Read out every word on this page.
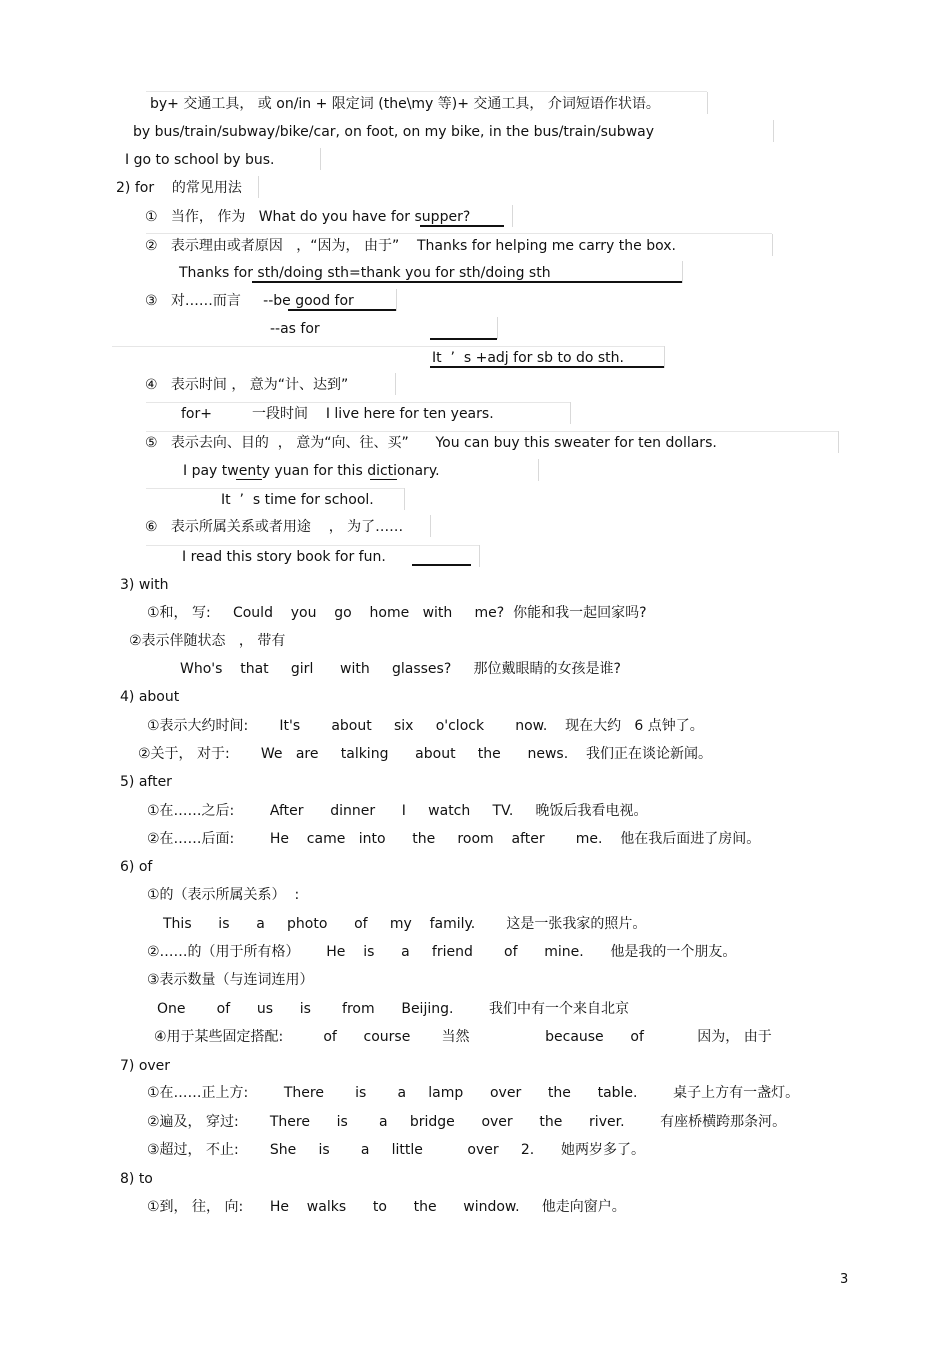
by+ 交通工具， 或 on/in + 限定词 (the\my 等)+ 交通工具， 介词短语作状语。
by bus/train/subway/bike/car, on foot, on my bike, in the bus/train/subway
I go to school by bus.
2) for    的常见用法
①   当作， 作为   What do you have for supper?
②   表示理由或者原因   ，“因为， 由于”    Thanks for helping me carry the box.
Thanks for sth/doing sth=thank you for sth/doing sth
③   对……而言     --be good for
--as for
It  ’  s +adj for sb to do sth.
④   表示时间 ， 意为“计、达到”
for+         一段时间    I live here for ten years.
⑤   表示去向、目的  ， 意为“向、往、买”      You can buy this sweater for ten dollars.
I pay twenty yuan for this dictionary.
It  ’  s time for school.
⑥   表示所属关系或者用途    ， 为了……
I read this story book for fun.
3) with
①和， 写:     Could    you    go    home   with     me?  你能和我一起回家吗?
②表示伴随状态   ， 带有
Who's    that     girl      with     glasses?     那位戴眼睛的女孩是谁?
4) about
①表示大约时间:       It's       about     six     o'clock       now.    现在大约   6 点钟了。
②关于， 对于:       We   are     talking      about     the      news.    我们正在谈论新闻。
5) after
①在……之后:        After      dinner      I     watch     TV.     晚饭后我看电视。
②在……后面:        He    came   into      the     room    after       me.    他在我后面进了房间。
6) of
①的（表示所属关系）  :
This      is      a     photo      of     my    family.       这是一张我家的照片。
②……的（用于所有格）      He    is      a     friend       of      mine.      他是我的一个朋友。
③表示数量（与连词连用）
One       of      us      is       from      Beijing.        我们中有一个来自北京
④用于某些固定搭配:         of      course       当然                 because      of            因为， 由于
7) over
①在……正上方:        There       is       a     lamp      over      the      table.        桌子上方有一盏灯。
②遍及， 穿过:       There      is       a     bridge      over      the      river.        有座桥横跨那条河。
③超过， 不止:       She     is       a     little          over     2.      她两岁多了。
8) to
①到， 往， 向:      He    walks      to      the      window.     他走向窗户。
3
